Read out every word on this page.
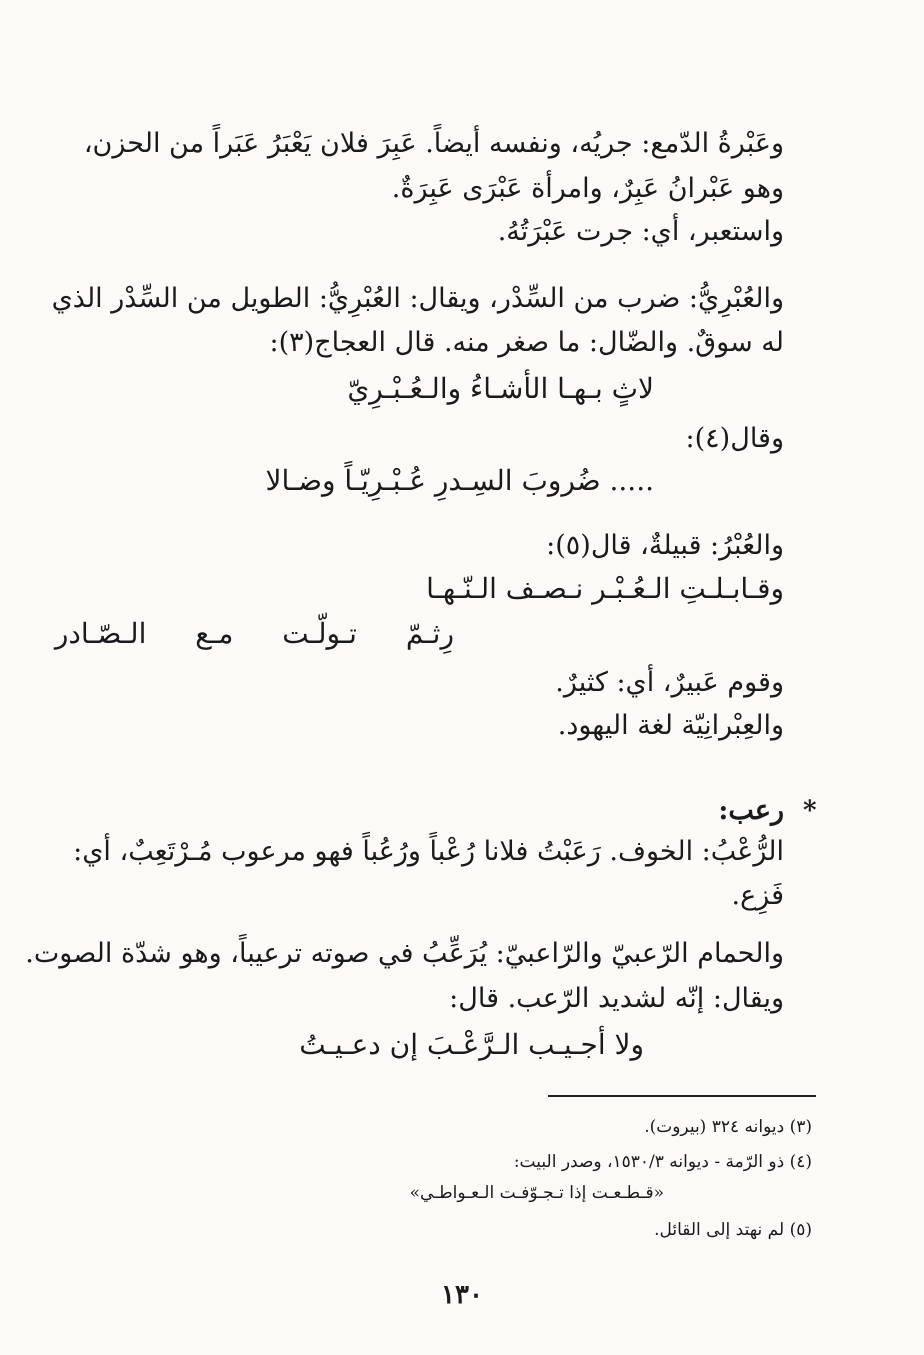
وعَبْرةُ الدّمع: جريُه، ونفسه أيضاً. عَبِرَ فلان يَعْبَرُ عَبَراً من الحزن،
وهو عَبْرانُ عَبِرٌ، وامرأة عَبْرَى عَبِرَةٌ.
واستعبر، أي: جرت عَبْرَتُهُ.
والعُبْرِيُّ: ضرب من السِّدْر، ويقال: العُبْرِيُّ: الطويل من السِّدْر الذي
له سوقٌ. والضّال: ما صغر منه. قال العجاج(٣):
لاثٍ بـهـا الأشـاءُ والـعُـبْـرِيّ
وقال(٤):
..... ضُروبَ السِـدرِ عُـبْـرِيّـاً وضـالا
والعُبْرُ: قبيلةٌ، قال(٥):
وقـابـلـتِ الـعُـبْـر نـصـف الـنّـهـا
رِثـمّ تـولّـت مـع الـصّـادر
وقوم عَبيرٌ، أي: كثيرٌ.
والعِبْرانِيّة لغة اليهود.
*
رعب:
الرُّعْبُ: الخوف. رَعَبْتُ فلانا رُعْباً ورُعُباً فهو مرعوب مُـرْتَعِبٌ، أي:
فَزِع.
والحمام الرّعبيّ والرّاعبيّ: يُرَعِّبُ في صوته ترعيباً، وهو شدّة الصوت.
ويقال: إنّه لشديد الرّعب. قال:
ولا أجـيـب الـرَّعْـبَ إن دعـيـتُ
(٣) ديوانه ٣٢٤ (بيروت).
(٤) ذو الرّمة - ديوانه ١٥٣٠/٣، وصدر البيت:
«قـطـعـت إذا تـجـوّفـت الـعـواطـي»
(٥) لم نهتد إلى القائل.
١٣٠
